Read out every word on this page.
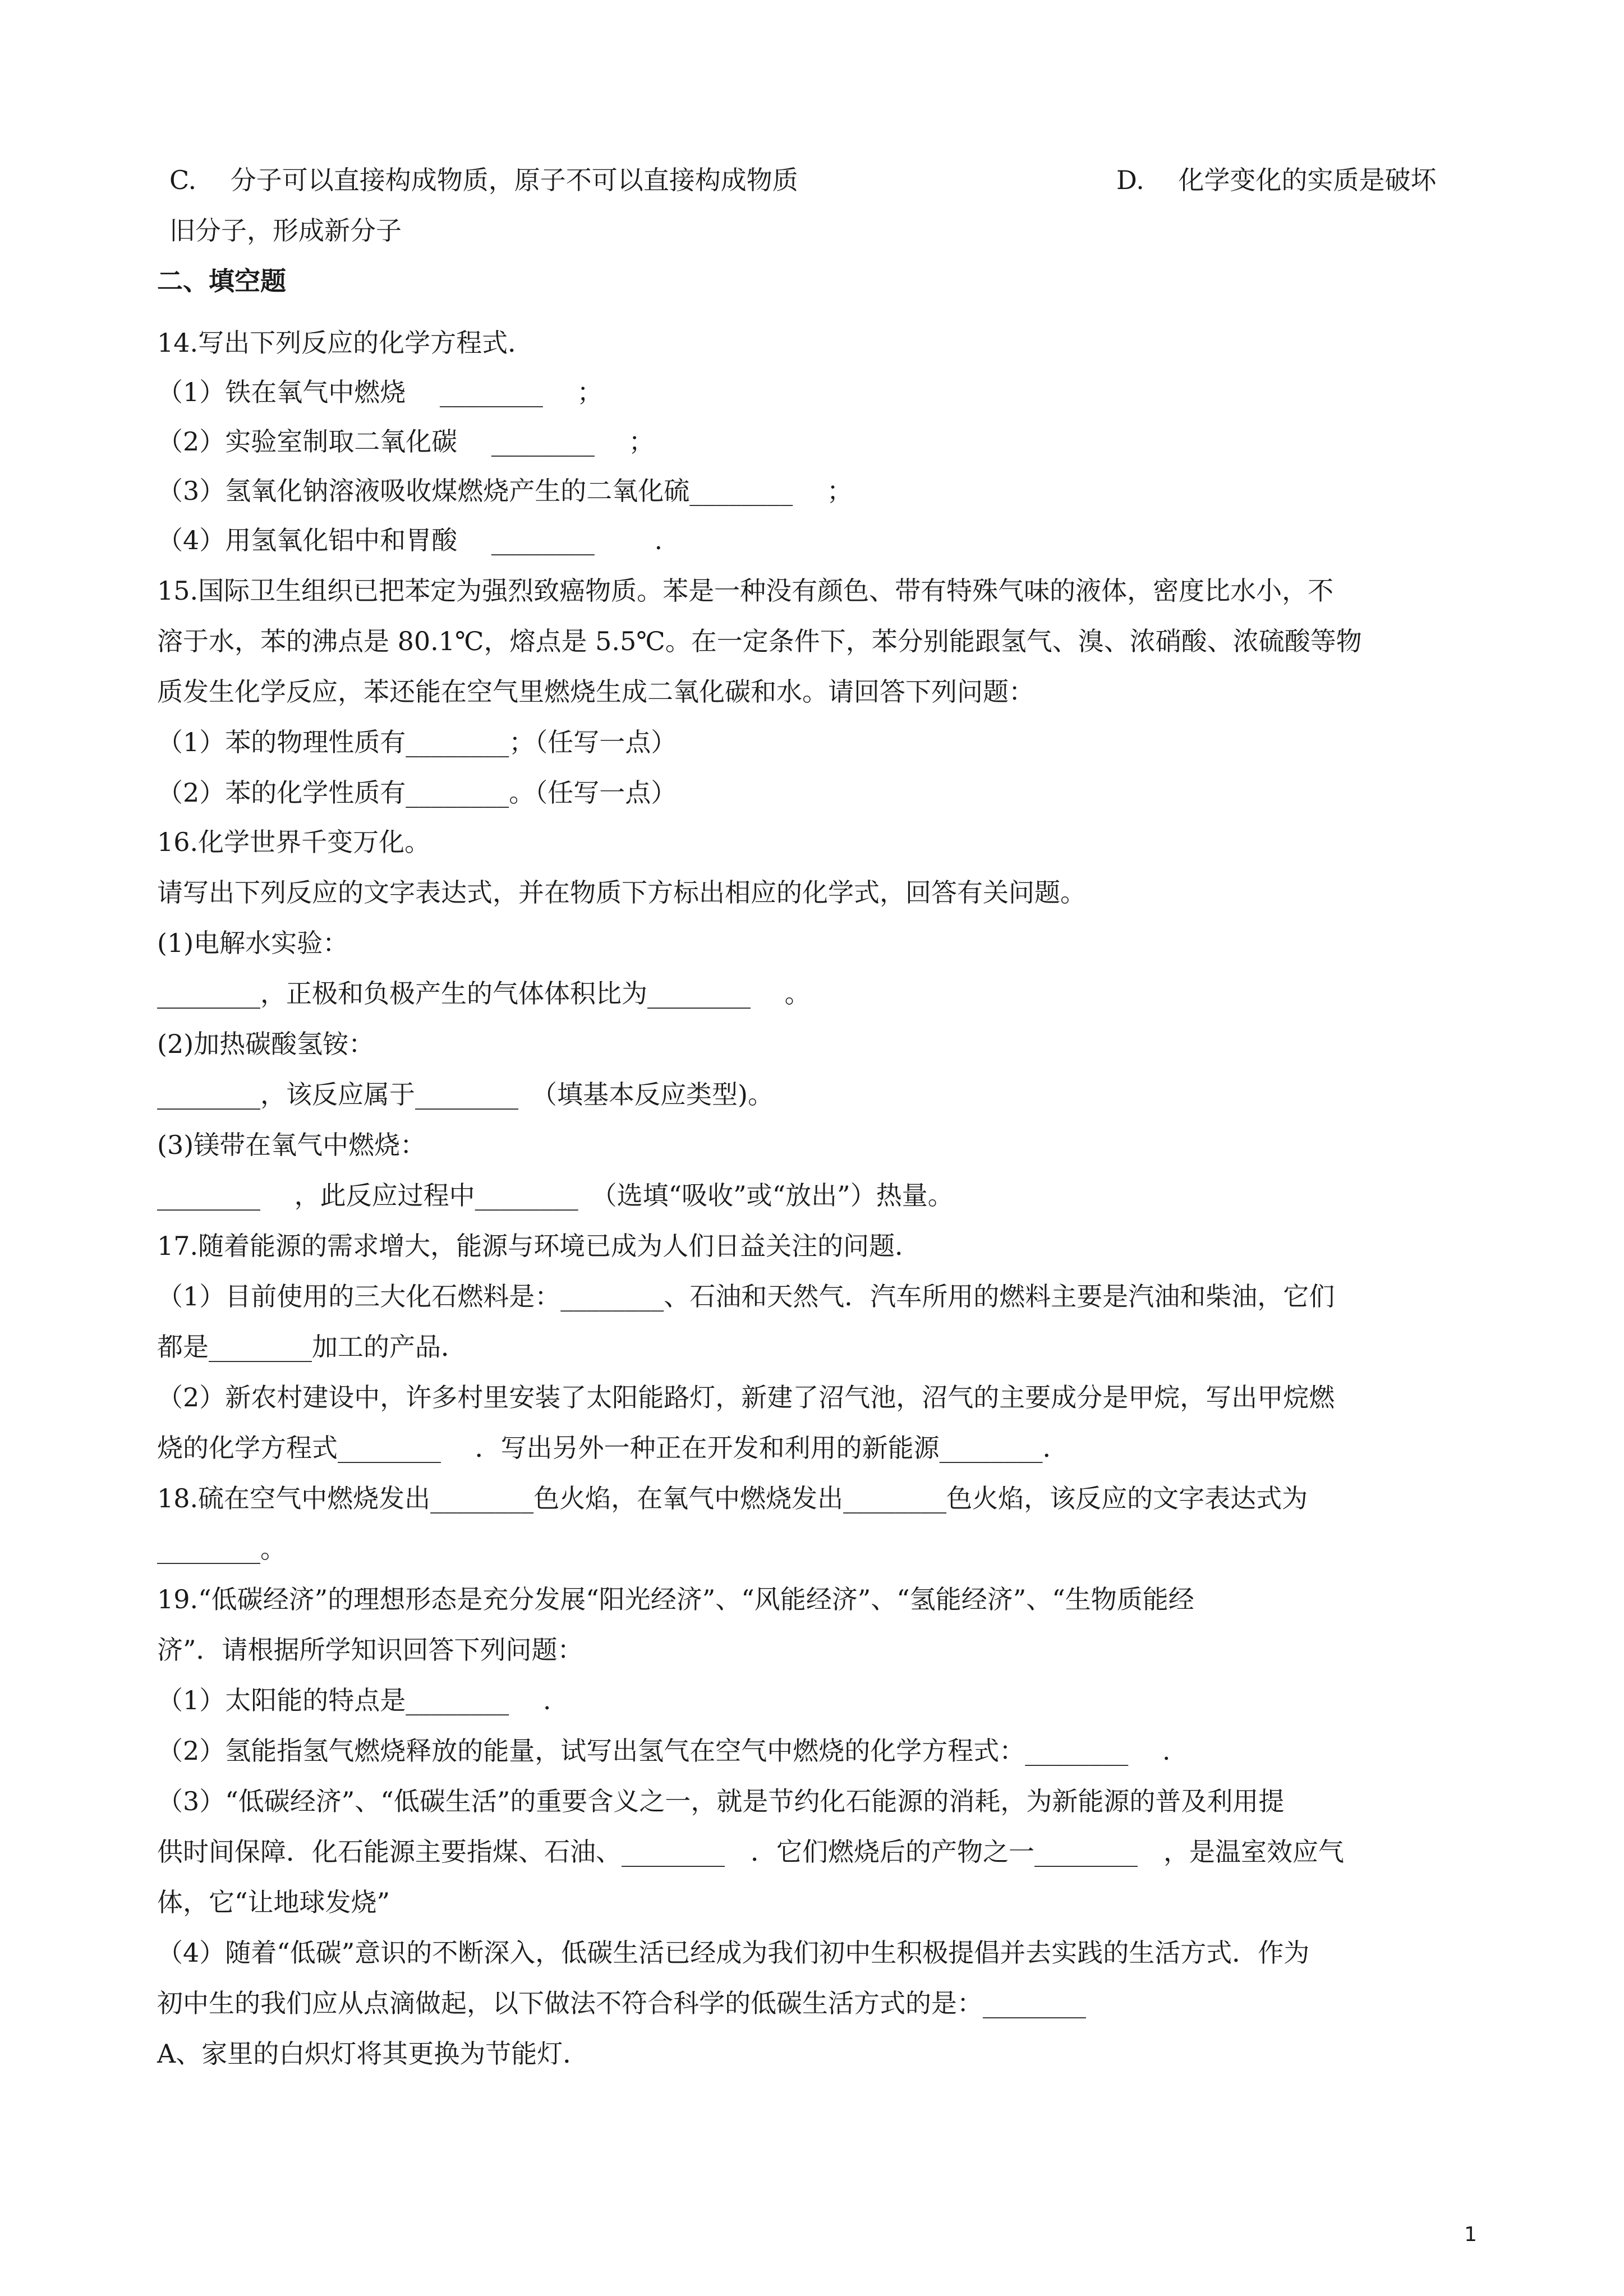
C.　 分子可以直接构成物质，原子不可以直接构成物质	D.　 化学变化的实质是破坏
旧分子，形成新分子
二、填空题
14.写出下列反应的化学方程式．
（1）铁在氧气中燃烧　 ________　 ；
（2）实验室制取二氧化碳　 ________　 ；
（3）氢氧化钠溶液吸收煤燃烧产生的二氧化硫________　 ；
（4）用氢氧化铝中和胃酸　 ________　　 .
15.国际卫生组织已把苯定为强烈致癌物质。苯是一种没有颜色、带有特殊气味的液体，密度比水小，不
溶于水，苯的沸点是 80.1℃，熔点是 5.5℃。在一定条件下，苯分别能跟氢气、溴、浓硝酸、浓硫酸等物
质发生化学反应，苯还能在空气里燃烧生成二氧化碳和水。请回答下列问题：
（1）苯的物理性质有________；（任写一点）
（2）苯的化学性质有________。（任写一点）
16.化学世界千变万化。
请写出下列反应的文字表达式，并在物质下方标出相应的化学式，回答有关问题。
(1)电解水实验：
________，正极和负极产生的气体体积比为________　 。
(2)加热碳酸氢铵：
________，该反应属于________　（填基本反应类型)。
(3)镁带在氧气中燃烧：
________　 ，此反应过程中________　（选填“吸收”或“放出”）热量。
17.随着能源的需求增大，能源与环境已成为人们日益关注的问题．
（1）目前使用的三大化石燃料是：________、石油和天然气．汽车所用的燃料主要是汽油和柴油，它们
都是________加工的产品．
（2）新农村建设中，许多村里安装了太阳能路灯，新建了沼气池，沼气的主要成分是甲烷，写出甲烷燃
烧的化学方程式________　 ．写出另外一种正在开发和利用的新能源________．
18.硫在空气中燃烧发出________色火焰，在氧气中燃烧发出________色火焰，该反应的文字表达式为
________。
19.“低碳经济”的理想形态是充分发展“阳光经济”、“风能经济”、“氢能经济”、“生物质能经
济”．请根据所学知识回答下列问题：
（1）太阳能的特点是________　 .
（2）氢能指氢气燃烧释放的能量，试写出氢气在空气中燃烧的化学方程式：________　 .
（3）“低碳经济”、“低碳生活”的重要含义之一，就是节约化石能源的消耗，为新能源的普及利用提
供时间保障．化石能源主要指煤、石油、________　．它们燃烧后的产物之一________　，是温室效应气
体，它“让地球发烧”
（4）随着“低碳”意识的不断深入，低碳生活已经成为我们初中生积极提倡并去实践的生活方式．作为
初中生的我们应从点滴做起，以下做法不符合科学的低碳生活方式的是：________
A、家里的白炽灯将其更换为节能灯．
1
